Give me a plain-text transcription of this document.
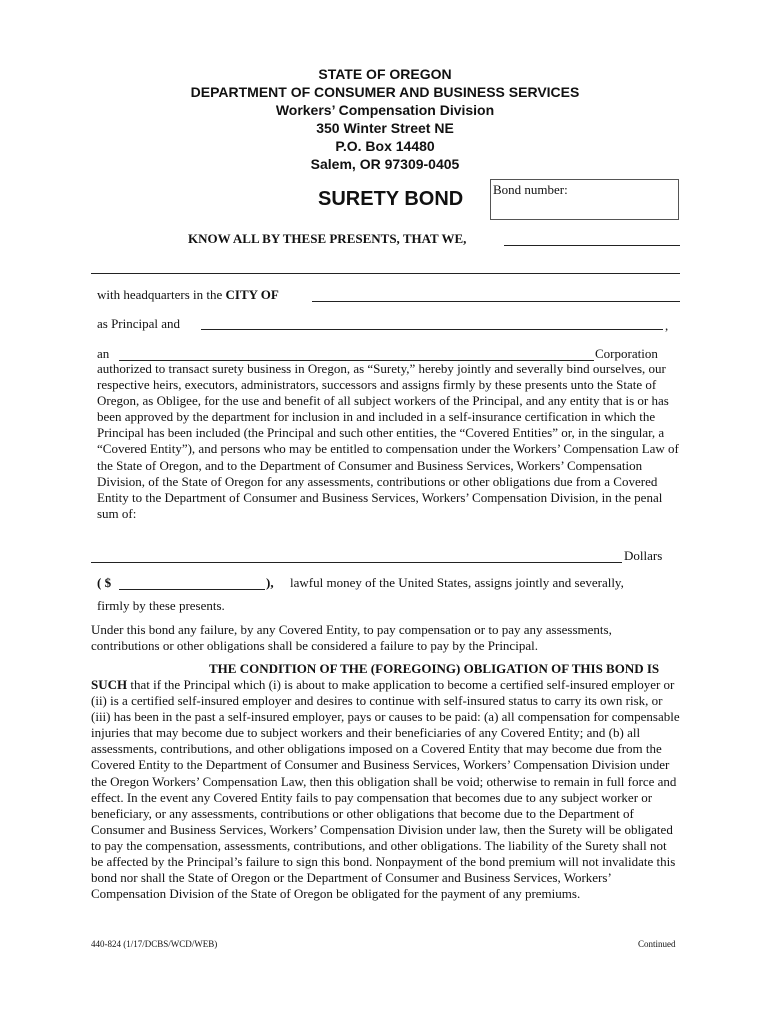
STATE OF OREGON
DEPARTMENT OF CONSUMER AND BUSINESS SERVICES
Workers’ Compensation Division
350 Winter Street NE
P.O. Box 14480
Salem, OR 97309-0405
SURETY BOND Bond number:
KNOW ALL BY THESE PRESENTS, THAT WE,
with headquarters in the CITY OF
as Principal and	,
an	Corporation
authorized to transact surety business in Oregon, as “Surety,” hereby jointly and severally bind ourselves, our respective heirs, executors, administrators, successors and assigns firmly by these presents unto the State of Oregon, as Obligee, for the use and benefit of all subject workers of the Principal, and any entity that is or has been approved by the department for inclusion in and included in a self-insurance certification in which the Principal has been included (the Principal and such other entities, the “Covered Entities” or, in the singular, a “Covered Entity”), and persons who may be entitled to compensation under the Workers’ Compensation Law of the State of Oregon, and to the Department of Consumer and Business Services, Workers’ Compensation Division, of the State of Oregon for any assessments, contributions or other obligations due from a Covered Entity to the Department of Consumer and Business Services, Workers’ Compensation Division, in the penal sum of:
Dollars
( $	), lawful money of the United States, assigns jointly and severally,
firmly by these presents.
Under this bond any failure, by any Covered Entity, to pay compensation or to pay any assessments, contributions or other obligations shall be considered a failure to pay by the Principal.
THE CONDITION OF THE (FOREGOING) OBLIGATION OF THIS BOND IS
SUCH that if the Principal which (i) is about to make application to become a certified self-insured employer or (ii) is a certified self-insured employer and desires to continue with self-insured status to carry its own risk, or (iii) has been in the past a self-insured employer, pays or causes to be paid: (a) all compensation for compensable injuries that may become due to subject workers and their beneficiaries of any Covered Entity; and (b) all assessments, contributions, and other obligations imposed on a Covered Entity that may become due from the Covered Entity to the Department of Consumer and Business Services, Workers’ Compensation Division under the Oregon Workers’ Compensation Law, then this obligation shall be void; otherwise to remain in full force and effect. In the event any Covered Entity fails to pay compensation that becomes due to any subject worker or beneficiary, or any assessments, contributions or other obligations that become due to the Department of Consumer and Business Services, Workers’ Compensation Division under law, then the Surety will be obligated to pay the compensation, assessments, contributions, and other obligations. The liability of the Surety shall not be affected by the Principal’s failure to sign this bond. Nonpayment of the bond premium will not invalidate this bond nor shall the State of Oregon or the Department of Consumer and Business Services, Workers’ Compensation Division of the State of Oregon be obligated for the payment of any premiums.
440-824 (1/17/DCBS/WCD/WEB)	Continued
